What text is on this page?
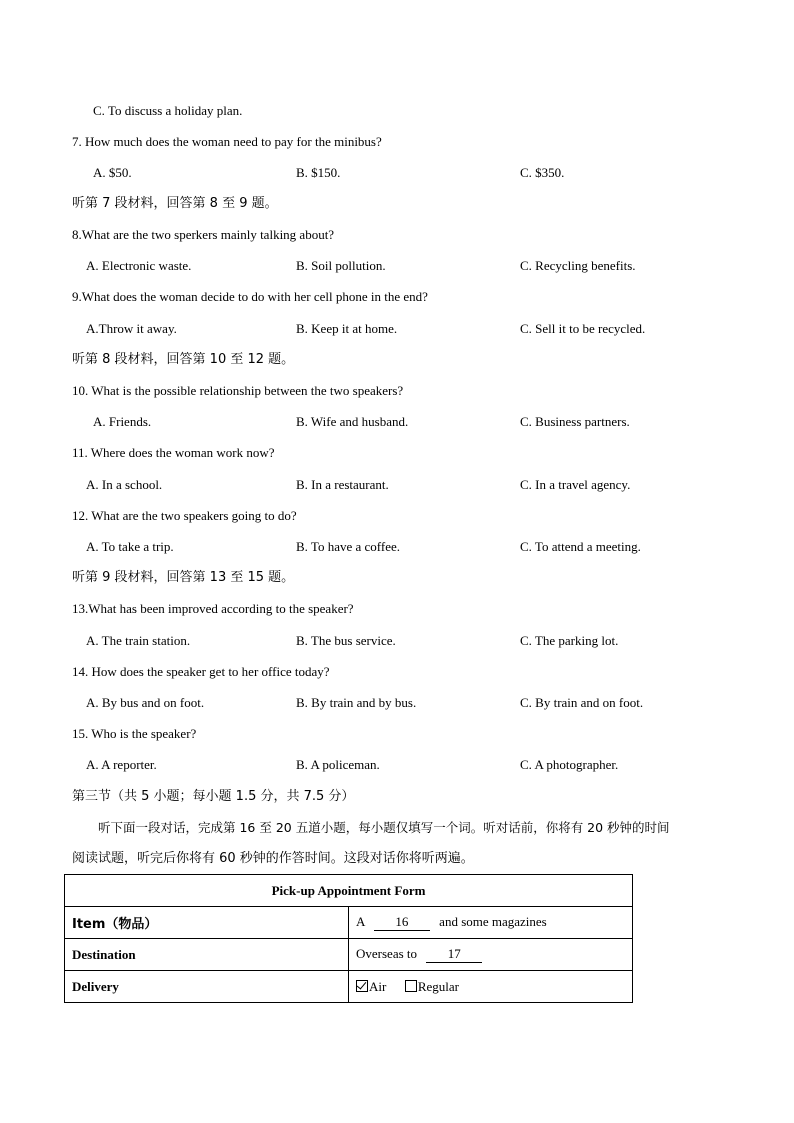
C. To discuss a holiday plan.
7. How much does the woman need to pay for the minibus?
A. $50.	B. $150.	C. $350.
听第 7 段材料，回答第 8 至 9 题。
8.What are the two sperkers mainly talking about?
A. Electronic waste.	B. Soil pollution.	C. Recycling benefits.
9.What does the woman decide to do with her cell phone in the end?
A.Throw it away.	B. Keep it at home.	C. Sell it to be recycled.
听第 8 段材料，回答第 10 至 12 题。
10. What is the possible relationship between the two speakers?
A. Friends.	B. Wife and husband.	C. Business partners.
11. Where does the woman work now?
A. In a school.	B. In a restaurant.	C. In a travel agency.
12. What are the two speakers going to do?
A. To take a trip.	B. To have a coffee.	C. To attend a meeting.
听第 9 段材料，回答第 13 至 15 题。
13.What has been improved according to the speaker?
A. The train station.	B. The bus service.	C. The parking lot.
14. How does the speaker get to her office today?
A. By bus and on foot.	B. By train and by bus.	C. By train and on foot.
15. Who is the speaker?
A. A reporter.	B. A policeman.	C. A photographer.
第三节（共 5 小题；每小题 1.5 分，共 7.5 分）
听下面一段对话，完成第 16 至 20 五道小题，每小题仅填写一个词。听对话前，你将有 20 秒钟的时间
阅读试题，听完后你将有 60 秒钟的作答时间。这段对话你将听两遍。
Pick-up Appointment Form	
Item（物品）	A 16 and some magazines
Destination	Overseas to 17
Delivery	Air Regular
